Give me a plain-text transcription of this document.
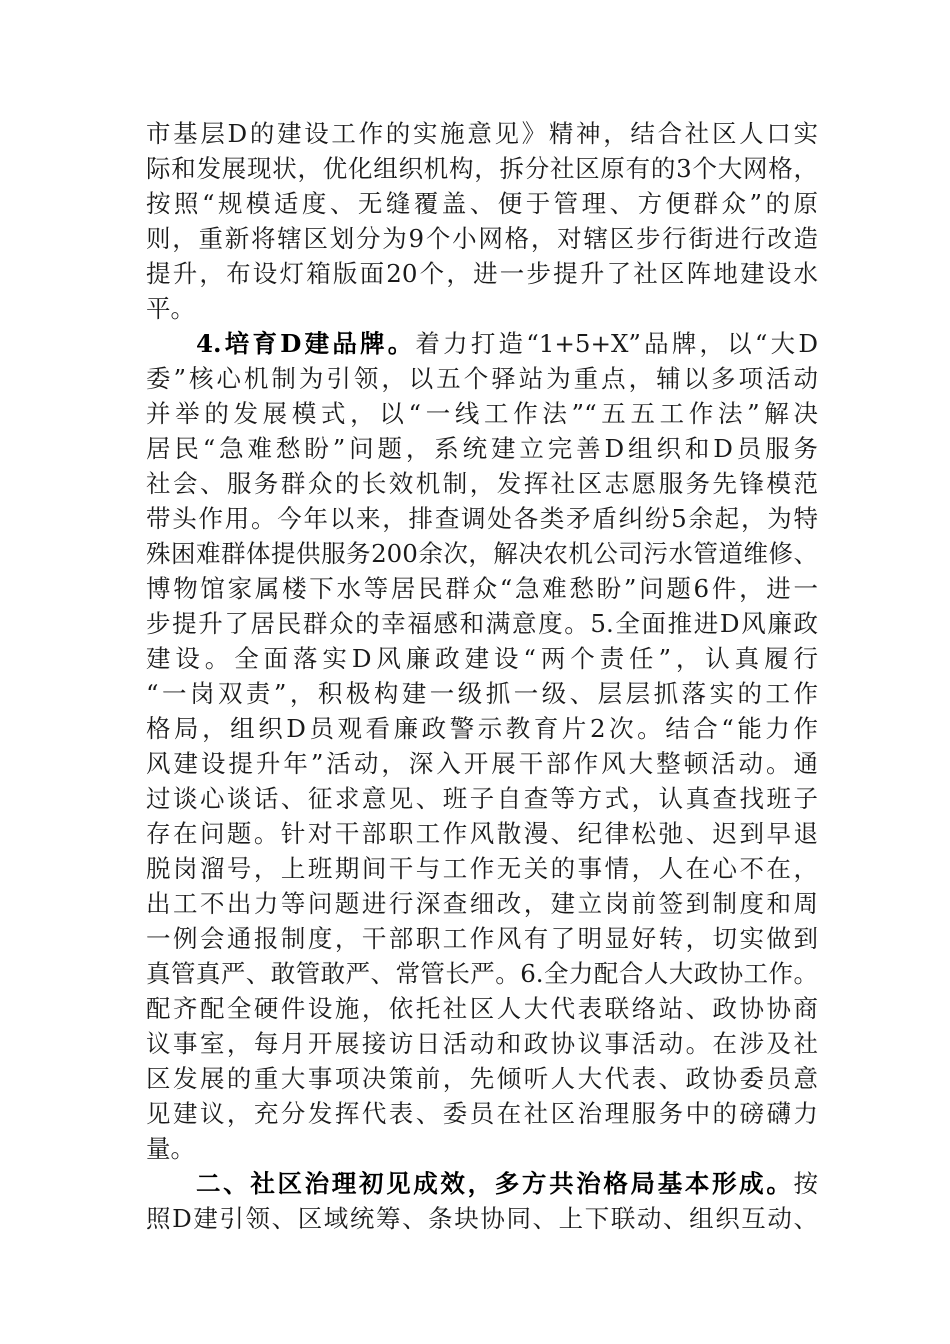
市基层D的建设工作的实施意见》精神，结合社区人口实
际和发展现状，优化组织机构，拆分社区原有的3个大网格，
按照“规模适度、无缝覆盖、便于管理、方便群众”的原
则，重新将辖区划分为9个小网格，对辖区步行街进行改造
提升，布设灯箱版面20个，进一步提升了社区阵地建设水
平。
4.培育D建品牌。着力打造“1+5+X”品牌，以“大D
委”核心机制为引领，以五个驿站为重点，辅以多项活动
并举的发展模式，以“一线工作法”“五五工作法”解决
居民“急难愁盼”问题，系统建立完善D组织和D员服务
社会、服务群众的长效机制，发挥社区志愿服务先锋模范
带头作用。今年以来，排查调处各类矛盾纠纷5余起，为特
殊困难群体提供服务200余次，解决农机公司污水管道维修、
博物馆家属楼下水等居民群众“急难愁盼”问题6件，进一
步提升了居民群众的幸福感和满意度。5.全面推进D风廉政
建设。全面落实D风廉政建设“两个责任”，认真履行
“一岗双责”，积极构建一级抓一级、层层抓落实的工作
格局，组织D员观看廉政警示教育片2次。结合“能力作
风建设提升年”活动，深入开展干部作风大整顿活动。通
过谈心谈话、征求意见、班子自查等方式，认真查找班子
存在问题。针对干部职工作风散漫、纪律松弛、迟到早退
脱岗溜号，上班期间干与工作无关的事情，人在心不在，
出工不出力等问题进行深查细改，建立岗前签到制度和周
一例会通报制度，干部职工作风有了明显好转，切实做到
真管真严、敢管敢严、常管长严。6.全力配合人大政协工作。
配齐配全硬件设施，依托社区人大代表联络站、政协协商
议事室，每月开展接访日活动和政协议事活动。在涉及社
区发展的重大事项决策前，先倾听人大代表、政协委员意
见建议，充分发挥代表、委员在社区治理服务中的磅礴力
量。
二、社区治理初见成效，多方共治格局基本形成。按
照D建引领、区域统筹、条块协同、上下联动、组织互动、
